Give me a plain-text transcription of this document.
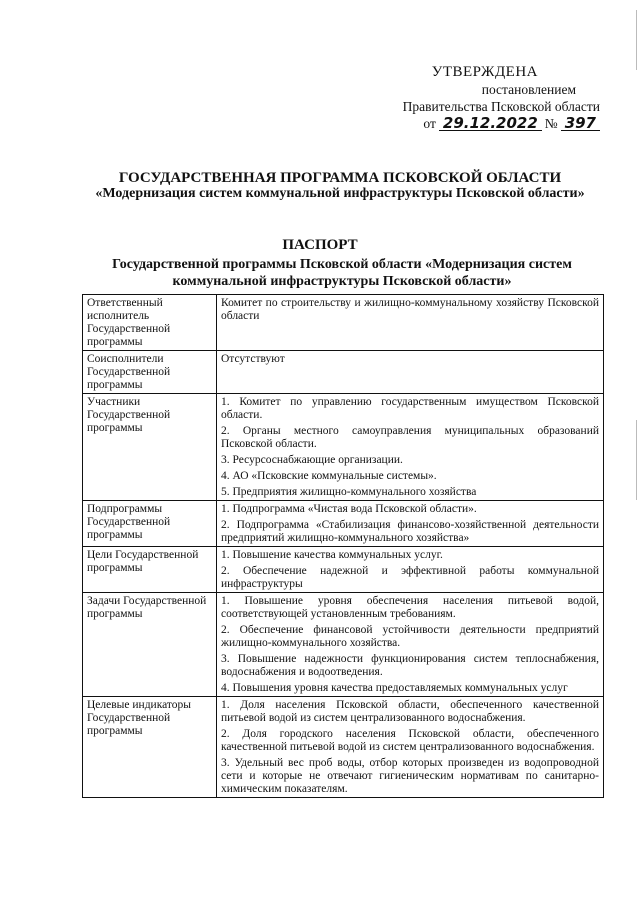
УТВЕРЖДЕНА
постановлением
Правительства Псковской области
от 29.12.2022 № 397
ГОСУДАРСТВЕННАЯ ПРОГРАММА ПСКОВСКОЙ ОБЛАСТИ
«Модернизация систем коммунальной инфраструктуры Псковской области»
ПАСПОРТ
Государственной программы Псковской области «Модернизация систем коммунальной инфраструктуры Псковской области»
Ответственный исполнитель Государственной программы	Комитет по строительству и жилищно-коммунальному хозяйству Псковской области

Соисполнители Государственной программы	Отсутствуют

Участники Государственной программы	1. Комитет по управлению государственным имуществом Псковской области.

2. Органы местного самоуправления муниципальных образований Псковской области.

3. Ресурсоснабжающие организации.

4. АО «Псковские коммунальные системы».

5. Предприятия жилищно-коммунального хозяйства

Подпрограммы Государственной программы	1. Подпрограмма «Чистая вода Псковской области».

2. Подпрограмма «Стабилизация финансово-хозяйственной деятельности предприятий жилищно-коммунального хозяйства»

Цели Государственной программы	1. Повышение качества коммунальных услуг.

2. Обеспечение надежной и эффективной работы коммунальной инфраструктуры

Задачи Государственной программы	1. Повышение уровня обеспечения населения питьевой водой, соответствующей установленным требованиям.

2. Обеспечение финансовой устойчивости деятельности предприятий жилищно-коммунального хозяйства.

3. Повышение надежности функционирования систем теплоснабжения, водоснабжения и водоотведения.

4. Повышения уровня качества предоставляемых коммунальных услуг

Целевые индикаторы Государственной программы	1. Доля населения Псковской области, обеспеченного качественной питьевой водой из систем централизованного водоснабжения.

2. Доля городского населения Псковской области, обеспеченного качественной питьевой водой из систем централизованного водоснабжения.

3. Удельный вес проб воды, отбор которых произведен из водопроводной сети и которые не отвечают гигиеническим нормативам по санитарно-химическим показателям.
